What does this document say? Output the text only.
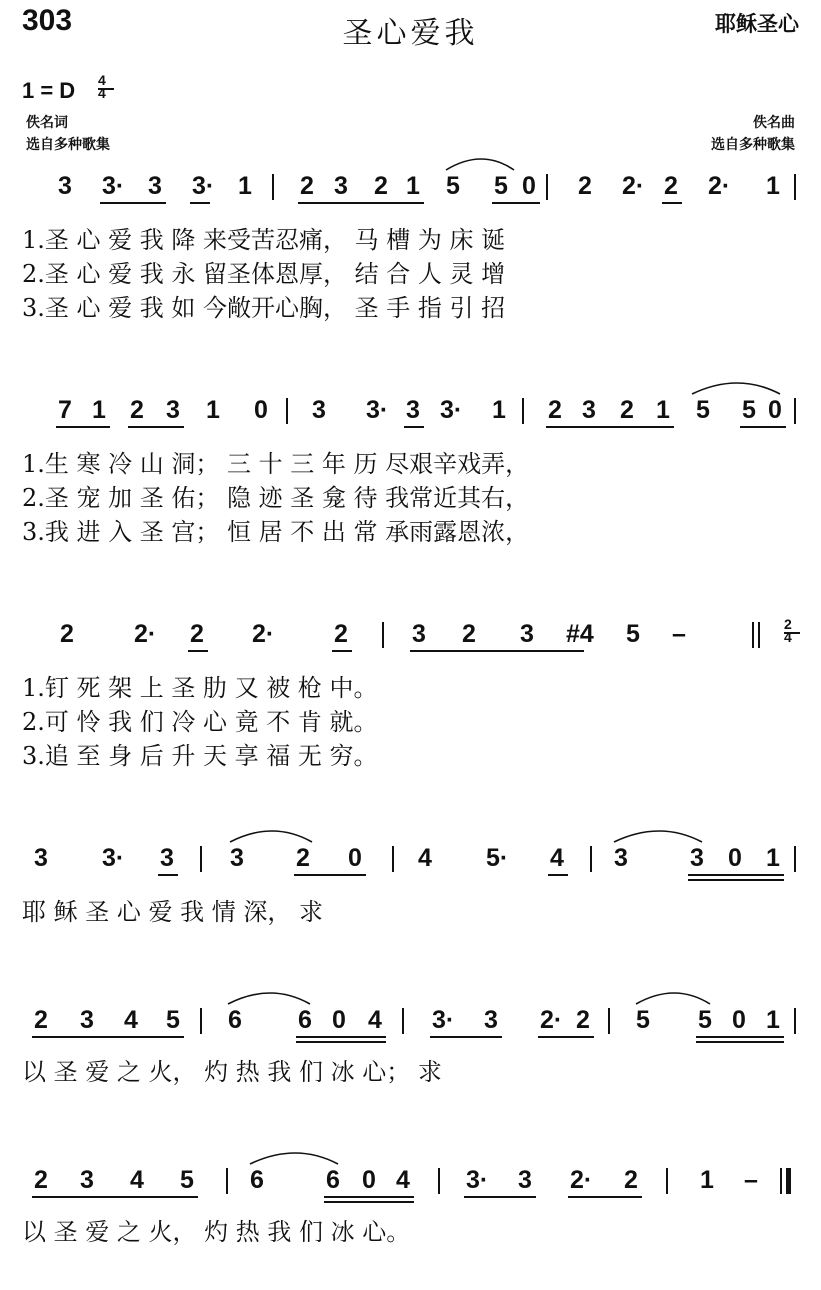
303	圣心爱我	耶稣圣心
1 = D 4
4
佚名词
选自多种歌集
佚名曲
选自多种歌集
3 3· 3 3· 1 2 3 2 1 5 5 0 2 2· 2 2· 1
7 1 2 3 1 0 3 3· 3 3· 1 2 3 2 1 5 5 0
2 2· 2 2· 2	3 2 3 #4 5 –	2
4
3 3· 3 3 2 0 4 5· 4 3 3 0 1
2 3 4 5 6 6 0 4 3· 3 2· 2 5 5 0 1
2 3 4 5 6 6 0 4 3· 3 2· 2 1 –
1.圣 心 爱 我 降 来受苦忍痛， 马 槽 为 床 诞
2.圣 心 爱 我 永 留圣体恩厚， 结 合 人 灵 增
3.圣 心 爱 我 如 今敞开心胸， 圣 手 指 引 招
1.生 寒 冷 山 洞； 三 十 三 年 历 尽艰辛戏弄，
2.圣 宠 加 圣 佑； 隐 迹 圣 龛 待 我常近其右，
3.我 进 入 圣 宫； 恒 居 不 出 常 承雨露恩浓，
1.钉 死 架 上 圣 肋 又 被 枪 中。
2.可 怜 我 们 冷 心 竟 不 肯 就。
3.追 至 身 后 升 天 享 福 无 穷。
耶 稣 圣 心 爱 我 情 深， 求
以 圣 爱 之 火， 灼 热 我 们 冰 心； 求
以 圣 爱 之 火， 灼 热 我 们 冰 心。
